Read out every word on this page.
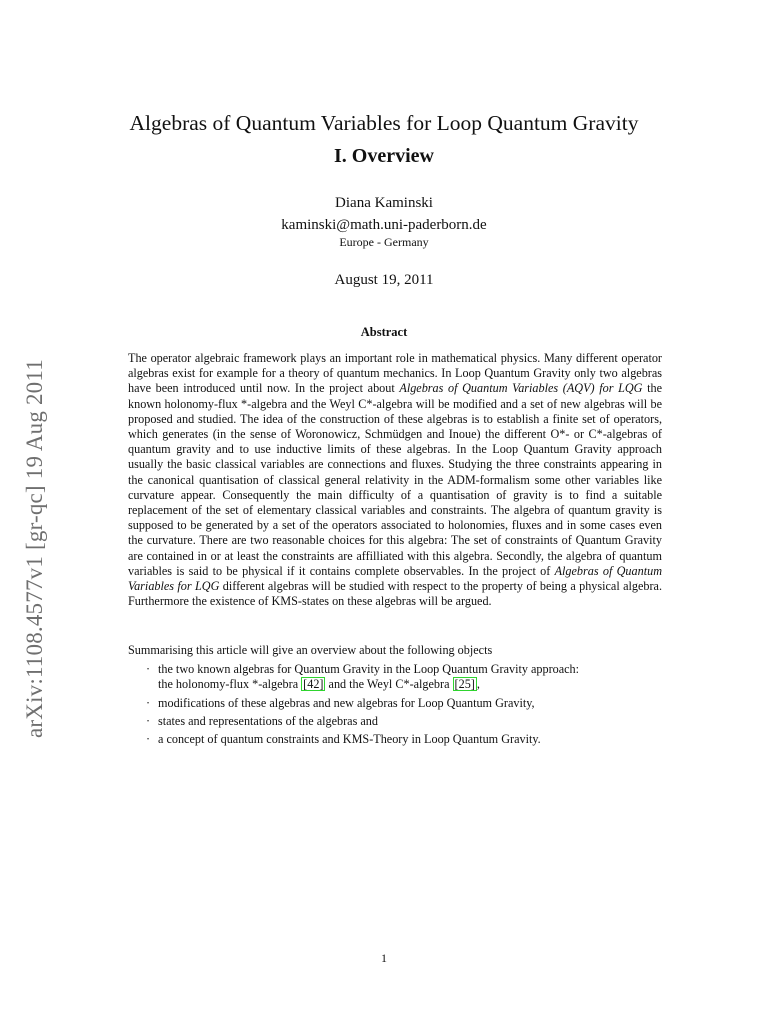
arXiv:1108.4577v1 [gr-qc] 19 Aug 2011
Algebras of Quantum Variables for Loop Quantum Gravity
I. Overview
Diana Kaminski
kaminski@math.uni-paderborn.de
Europe - Germany
August 19, 2011
Abstract

The operator algebraic framework plays an important role in mathematical physics. Many different operator algebras exist for example for a theory of quantum mechanics. In Loop Quantum Gravity only two algebras have been introduced until now. In the project about Algebras of Quantum Variables (AQV) for LQG the known holonomy-flux *-algebra and the Weyl C*-algebra will be modified and a set of new algebras will be proposed and studied. The idea of the construction of these algebras is to establish a finite set of operators, which generates (in the sense of Woronowicz, Schmüdgen and Inoue) the different O*- or C*-algebras of quantum gravity and to use inductive limits of these algebras. In the Loop Quantum Gravity approach usually the basic classical variables are connections and fluxes. Studying the three constraints appearing in the canonical quantisation of classical general relativity in the ADM-formalism some other variables like curvature appear. Consequently the main difficulty of a quantisation of gravity is to find a suitable replacement of the set of elementary classical variables and constraints. The algebra of quantum gravity is supposed to be generated by a set of the operators associated to holonomies, fluxes and in some cases even the curvature. There are two reasonable choices for this algebra: The set of constraints of Quantum Gravity are contained in or at least the constraints are affilliated with this algebra. Secondly, the algebra of quantum variables is said to be physical if it contains complete observables. In the project of Algebras of Quantum Variables for LQG different algebras will be studied with respect to the property of being a physical algebra. Furthermore the existence of KMS-states on these algebras will be argued.

Summarising this article will give an overview about the following objects

· the two known algebras for Quantum Gravity in the Loop Quantum Gravity approach:
the holonomy-flux *-algebra [42] and the Weyl C*-algebra [25] ,
· modifications of these algebras and new algebras for Loop Quantum Gravity,
· states and representations of the algebras and
· a concept of quantum constraints and KMS-Theory in Loop Quantum Gravity.
1
